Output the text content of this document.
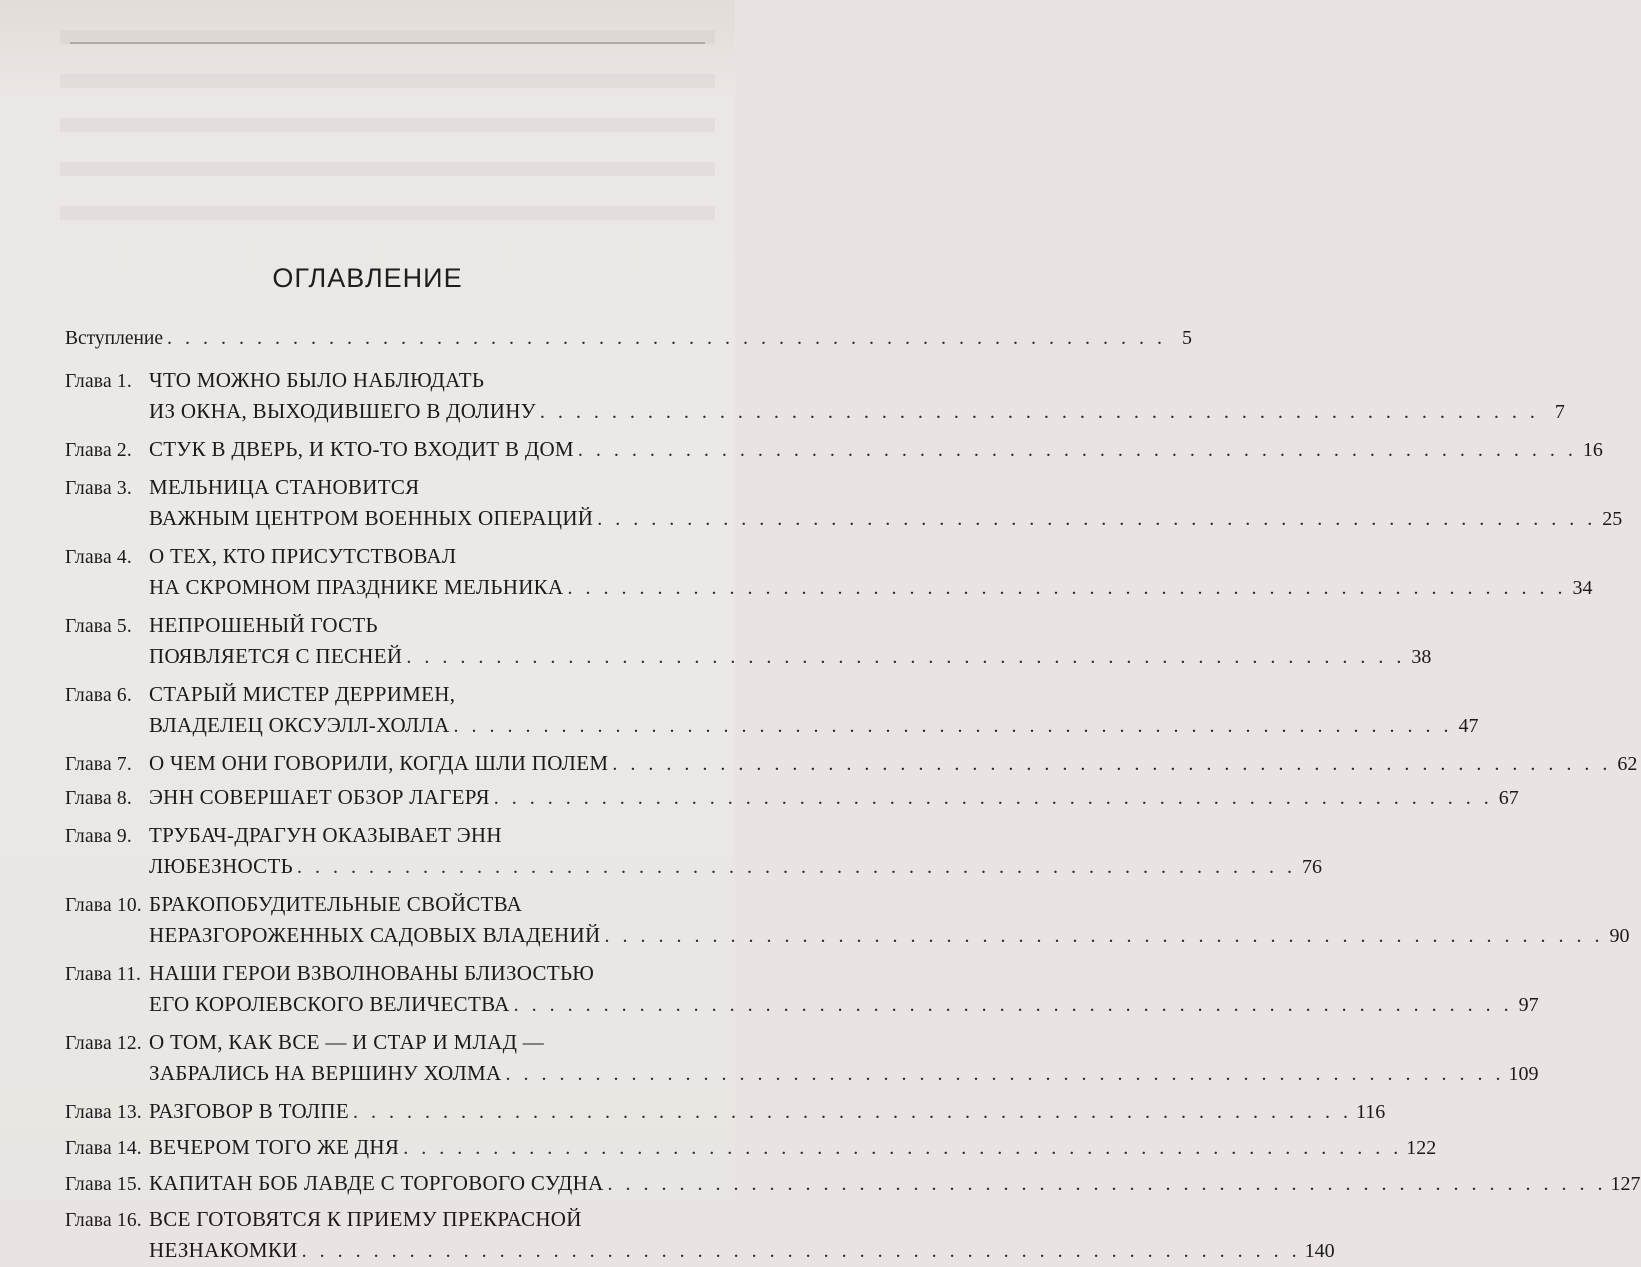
ОГЛАВЛЕНИЕ
Вступление . . . . . . . . . . . . . . . . . . . . . . . . . . . . . . . . . . . . . . . . . . . . . . . . . . . . . . . . 5
Глава 1. ЧТО МОЖНО БЫЛО НАБЛЮДАТЬ
ИЗ ОКНА, ВЫХОДИВШЕГО В ДОЛИНУ . . . . . . . . . . . . . . . . . . . . . . . . . . . . . . . . . . . . . . . . . . . . . . . . . . . . . . . . 7
Глава 2. СТУК В ДВЕРЬ, И КТО-ТО ВХОДИТ В ДОМ . . . . . . . . . . . . . . . . . . . . . . . . . . . . . . . . . . . . . . . . . . . . . . . . . . . . . . . . 16
Глава 3. МЕЛЬНИЦА СТАНОВИТСЯ
ВАЖНЫМ ЦЕНТРОМ ВОЕННЫХ ОПЕРАЦИЙ . . . . . . . . . . . . . . . . . . . . . . . . . . . . . . . . . . . . . . . . . . . . . . . . . . . . . . . . 25
Глава 4. О ТЕХ, КТО ПРИСУТСТВОВАЛ
НА СКРОМНОМ ПРАЗДНИКЕ МЕЛЬНИКА . . . . . . . . . . . . . . . . . . . . . . . . . . . . . . . . . . . . . . . . . . . . . . . . . . . . . . . . 34
Глава 5. НЕПРОШЕНЫЙ ГОСТЬ
ПОЯВЛЯЕТСЯ С ПЕСНЕЙ . . . . . . . . . . . . . . . . . . . . . . . . . . . . . . . . . . . . . . . . . . . . . . . . . . . . . . . . 38
Глава 6. СТАРЫЙ МИСТЕР ДЕРРИМЕН,
ВЛАДЕЛЕЦ ОКСУЭЛЛ-ХОЛЛА . . . . . . . . . . . . . . . . . . . . . . . . . . . . . . . . . . . . . . . . . . . . . . . . . . . . . . . . 47
Глава 7. О ЧЕМ ОНИ ГОВОРИЛИ, КОГДА ШЛИ ПОЛЕМ . . . . . . . . . . . . . . . . . . . . . . . . . . . . . . . . . . . . . . . . . . . . . . . . . . . . . . . . 62
Глава 8. ЭНН СОВЕРШАЕТ ОБЗОР ЛАГЕРЯ . . . . . . . . . . . . . . . . . . . . . . . . . . . . . . . . . . . . . . . . . . . . . . . . . . . . . . . . 67
Глава 9. ТРУБАЧ-ДРАГУН ОКАЗЫВАЕТ ЭНН
ЛЮБЕЗНОСТЬ . . . . . . . . . . . . . . . . . . . . . . . . . . . . . . . . . . . . . . . . . . . . . . . . . . . . . . . . 76
Глава 10. БРАКОПОБУДИТЕЛЬНЫЕ СВОЙСТВА
НЕРАЗГОРОЖЕННЫХ САДОВЫХ ВЛАДЕНИЙ . . . . . . . . . . . . . . . . . . . . . . . . . . . . . . . . . . . . . . . . . . . . . . . . . . . . . . . . 90
Глава 11. НАШИ ГЕРОИ ВЗВОЛНОВАНЫ БЛИЗОСТЬЮ
ЕГО КОРОЛЕВСКОГО ВЕЛИЧЕСТВА . . . . . . . . . . . . . . . . . . . . . . . . . . . . . . . . . . . . . . . . . . . . . . . . . . . . . . . . 97
Глава 12. О ТОМ, КАК ВСЕ — И СТАР И МЛАД —
ЗАБРАЛИСЬ НА ВЕРШИНУ ХОЛМА . . . . . . . . . . . . . . . . . . . . . . . . . . . . . . . . . . . . . . . . . . . . . . . . . . . . . . . . 109
Глава 13. РАЗГОВОР В ТОЛПЕ . . . . . . . . . . . . . . . . . . . . . . . . . . . . . . . . . . . . . . . . . . . . . . . . . . . . . . . . 116
Глава 14. ВЕЧЕРОМ ТОГО ЖЕ ДНЯ . . . . . . . . . . . . . . . . . . . . . . . . . . . . . . . . . . . . . . . . . . . . . . . . . . . . . . . . 122
Глава 15. КАПИТАН БОБ ЛАВДЕ С ТОРГОВОГО СУДНА . . . . . . . . . . . . . . . . . . . . . . . . . . . . . . . . . . . . . . . . . . . . . . . . . . . . . . . . 127
Глава 16. ВСЕ ГОТОВЯТСЯ К ПРИЕМУ ПРЕКРАСНОЙ
НЕЗНАКОМКИ . . . . . . . . . . . . . . . . . . . . . . . . . . . . . . . . . . . . . . . . . . . . . . . . . . . . . . . . 140
